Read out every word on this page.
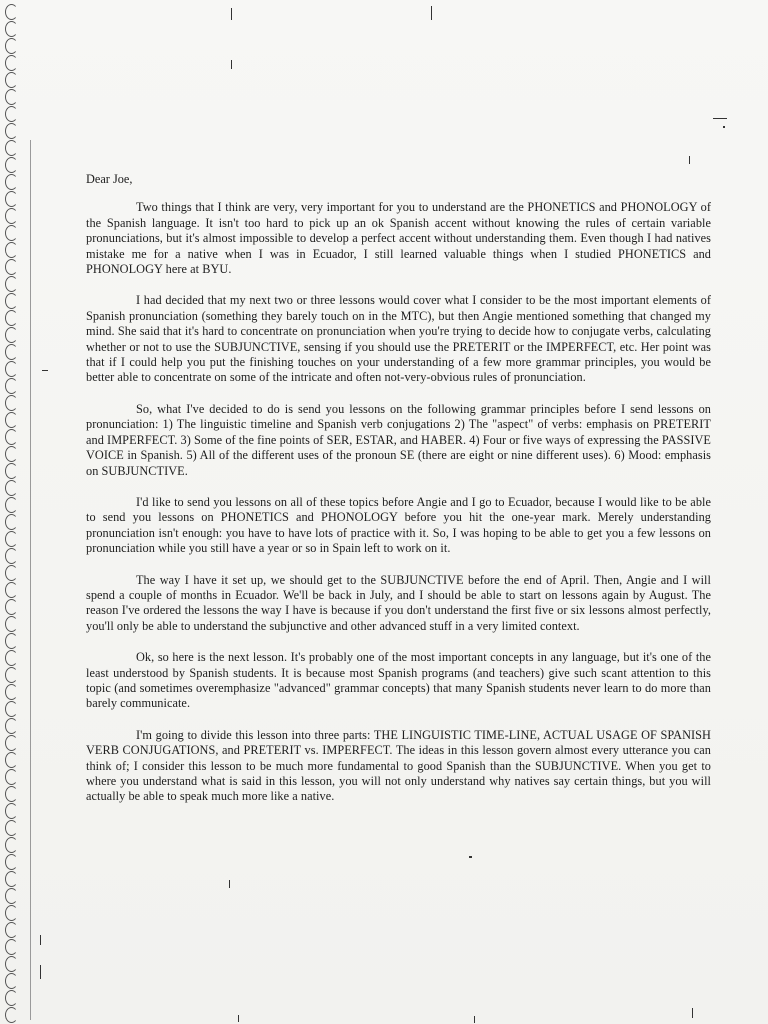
Dear Joe,

Two things that I think are very, very important for you to understand are the PHONETICS and PHONOLOGY of the Spanish language. It isn't too hard to pick up an ok Spanish accent without knowing the rules of certain variable pronunciations, but it's almost impossible to develop a perfect accent without understanding them. Even though I had natives mistake me for a native when I was in Ecuador, I still learned valuable things when I studied PHONETICS and PHONOLOGY here at BYU.

I had decided that my next two or three lessons would cover what I consider to be the most important elements of Spanish pronunciation (something they barely touch on in the MTC), but then Angie mentioned something that changed my mind. She said that it's hard to concentrate on pronunciation when you're trying to decide how to conjugate verbs, calculating whether or not to use the SUBJUNCTIVE, sensing if you should use the PRETERIT or the IMPERFECT, etc. Her point was that if I could help you put the finishing touches on your understanding of a few more grammar principles, you would be better able to concentrate on some of the intricate and often not-very-obvious rules of pronunciation.

So, what I've decided to do is send you lessons on the following grammar principles before I send lessons on pronunciation: 1) The linguistic timeline and Spanish verb conjugations 2) The "aspect" of verbs: emphasis on PRETERIT and IMPERFECT. 3) Some of the fine points of SER, ESTAR, and HABER. 4) Four or five ways of expressing the PASSIVE VOICE in Spanish. 5) All of the different uses of the pronoun SE (there are eight or nine different uses). 6) Mood: emphasis on SUBJUNCTIVE.

I'd like to send you lessons on all of these topics before Angie and I go to Ecuador, because I would like to be able to send you lessons on PHONETICS and PHONOLOGY before you hit the one-year mark. Merely understanding pronunciation isn't enough: you have to have lots of practice with it. So, I was hoping to be able to get you a few lessons on pronunciation while you still have a year or so in Spain left to work on it.

The way I have it set up, we should get to the SUBJUNCTIVE before the end of April. Then, Angie and I will spend a couple of months in Ecuador. We'll be back in July, and I should be able to start on lessons again by August. The reason I've ordered the lessons the way I have is because if you don't understand the first five or six lessons almost perfectly, you'll only be able to understand the subjunctive and other advanced stuff in a very limited context.

Ok, so here is the next lesson. It's probably one of the most important concepts in any language, but it's one of the least understood by Spanish students. It is because most Spanish programs (and teachers) give such scant attention to this topic (and sometimes overemphasize "advanced" grammar concepts) that many Spanish students never learn to do more than barely communicate.

I'm going to divide this lesson into three parts: THE LINGUISTIC TIME-LINE, ACTUAL USAGE OF SPANISH VERB CONJUGATIONS, and PRETERIT vs. IMPERFECT. The ideas in this lesson govern almost every utterance you can think of; I consider this lesson to be much more fundamental to good Spanish than the SUBJUNCTIVE. When you get to where you understand what is said in this lesson, you will not only understand why natives say certain things, but you will actually be able to speak much more like a native.
